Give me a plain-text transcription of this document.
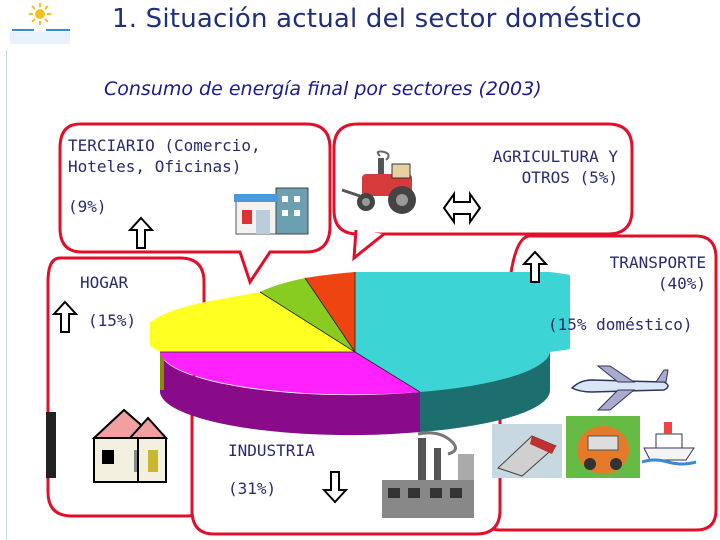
1. Situación actual del sector doméstico
Consumo de energía final por sectores (2003)
TERCIARIO (Comercio,
Hoteles, Oficinas)
(9%)
AGRICULTURA Y
OTROS (5%)
TRANSPORTE
(40%)
(15% doméstico)
HOGAR
(15%)
INDUSTRIA
(31%)
